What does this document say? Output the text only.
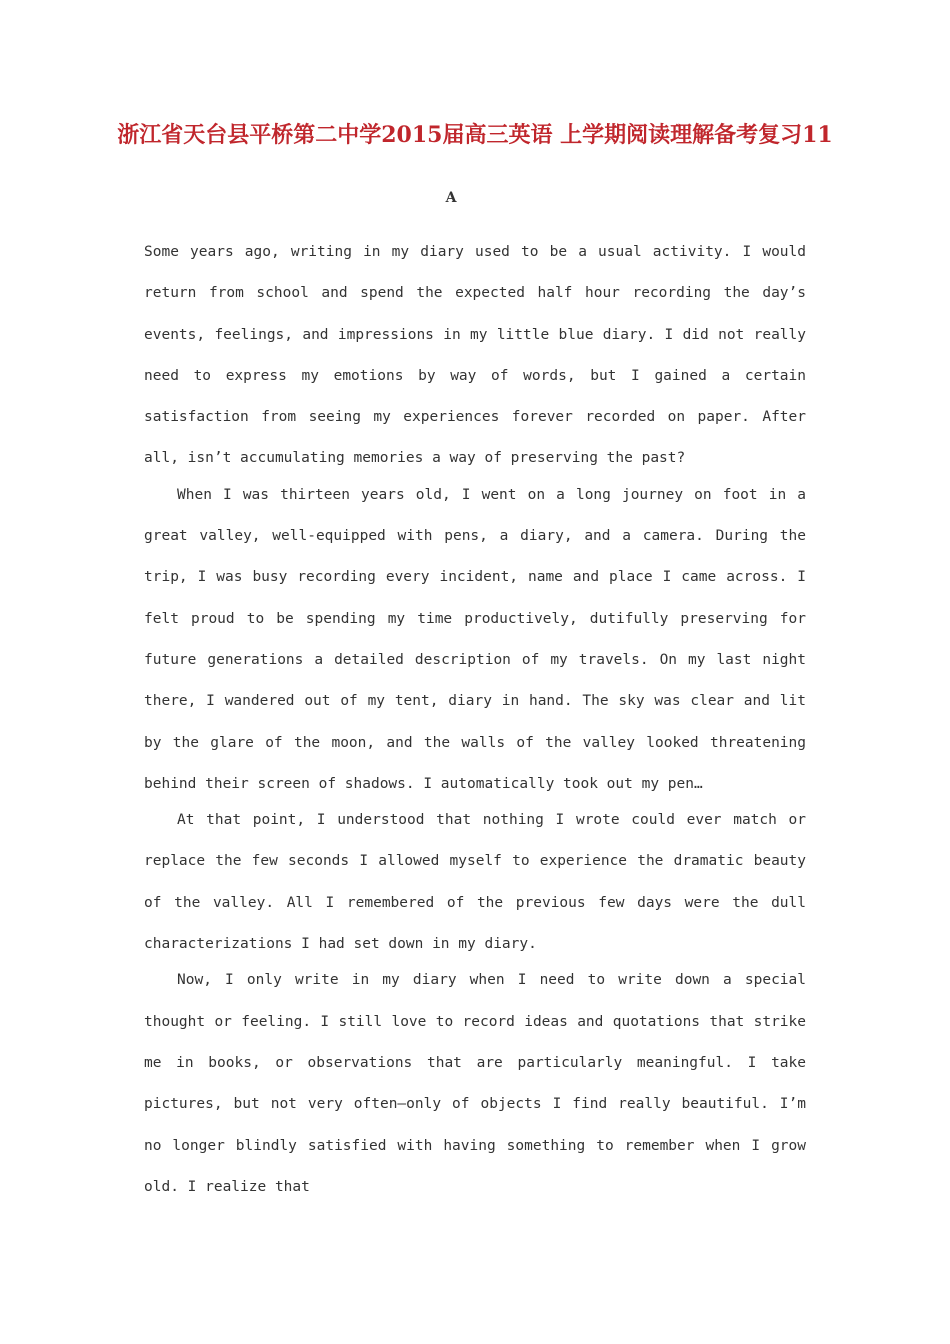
浙江省天台县平桥第二中学2015届高三英语 上学期阅读理解备考复习11
A

Some years ago, writing in my diary used to be a usual activity. I would return from school and spend the expected half hour recording the day’s events, feelings, and impressions in my little blue diary. I did not really need to express my emotions by way of words, but I gained a certain satisfaction from seeing my experiences forever recorded on paper. After all, isn’t accumulating memories a way of preserving the past?

When I was thirteen years old, I went on a long journey on foot in a great valley, well-equipped with pens, a diary, and a camera. During the trip, I was busy recording every incident, name and place I came across. I felt proud to be spending my time productively, dutifully preserving for future generations a detailed description of my travels. On my last night there, I wandered out of my tent, diary in hand. The sky was clear and lit by the glare of the moon, and the walls of the valley looked threatening behind their screen of shadows. I automatically took out my pen…

At that point, I understood that nothing I wrote could ever match or replace the few seconds I allowed myself to experience the dramatic beauty of the valley. All I remembered of the previous few days were the dull characterizations I had set down in my diary.

Now, I only write in my diary when I need to write down a special thought or feeling. I still love to record ideas and quotations that strike me in books, or observations that are particularly meaningful. I take pictures, but not very often—only of objects I find really beautiful. I’m no longer blindly satisfied with having something to remember when I grow old. I realize that
